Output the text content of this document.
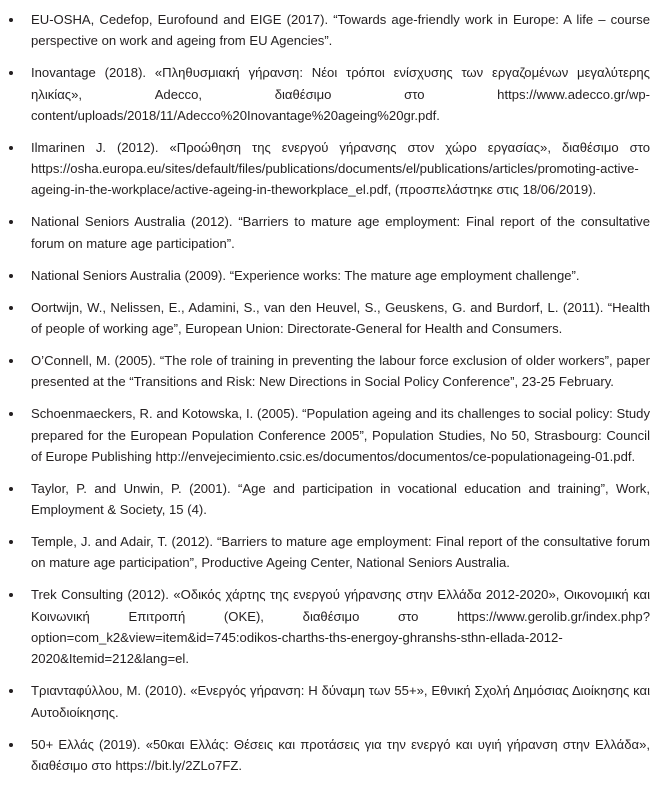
EU-OSHA, Cedefop, Eurofound and EIGE (2017). “Towards age-friendly work in Europe: A life – course perspective on work and ageing from EU Agencies”.
Inovantage (2018). «Πληθυσμιακή γήρανση: Νέοι τρόποι ενίσχυσης των εργαζομένων μεγαλύτερης ηλικίας», Adecco, διαθέσιμο στο https://www.adecco.gr/wp-content/uploads/2018/11/Adecco%20Inovantage%20ageing%20gr.pdf.
Ilmarinen J. (2012). «Προώθηση της ενεργού γήρανσης στον χώρο εργασίας», διαθέσιμο στο https://osha.europa.eu/sites/default/files/publications/documents/el/publications/articles/promoting-active-ageing-in-the-workplace/active-ageing-in-theworkplace_el.pdf, (προσπελάστηκε στις 18/06/2019).
National Seniors Australia (2012). “Barriers to mature age employment: Final report of the consultative forum on mature age participation”.
National Seniors Australia (2009). “Experience works: The mature age employment challenge”.
Oortwijn, W., Nelissen, E., Adamini, S., van den Heuvel, S., Geuskens, G. and Burdorf, L. (2011). “Health of people of working age”, European Union: Directorate-General for Health and Consumers.
O’Connell, M. (2005). “The role of training in preventing the labour force exclusion of older workers”, paper presented at the “Transitions and Risk: New Directions in Social Policy Conference”, 23-25 February.
Schoenmaeckers, R. and Kotowska, I. (2005). “Population ageing and its challenges to social policy: Study prepared for the European Population Conference 2005”, Population Studies, No 50, Strasbourg: Council of Europe Publishing http://envejecimiento.csic.es/documentos/documentos/ce-populationageing-01.pdf.
Taylor, P. and Unwin, P. (2001). “Age and participation in vocational education and training”, Work, Employment & Society, 15 (4).
Temple, J. and Adair, T. (2012). “Barriers to mature age employment: Final report of the consultative forum on mature age participation”, Productive Ageing Center, National Seniors Australia.
Trek Consulting (2012). «Οδικός χάρτης της ενεργού γήρανσης στην Ελλάδα 2012-2020», Οικονομική και Κοινωνική Επιτροπή (ΟΚΕ), διαθέσιμο στο https://www.gerolib.gr/index.php?option=com_k2&view=item&id=745:odikos-charths-ths-energoy-ghranshs-sthn-ellada-2012-2020&Itemid=212&lang=el.
Τριανταφύλλου, Μ. (2010). «Ενεργός γήρανση: Η δύναμη των 55+», Εθνική Σχολή Δημόσιας Διοίκησης και Αυτοδιοίκησης.
50+ Ελλάς (2019). «50και Ελλάς: Θέσεις και προτάσεις για την ενεργό και υγιή γήρανση στην Ελλάδα», διαθέσιμο στο https://bit.ly/2ZLo7FZ.
